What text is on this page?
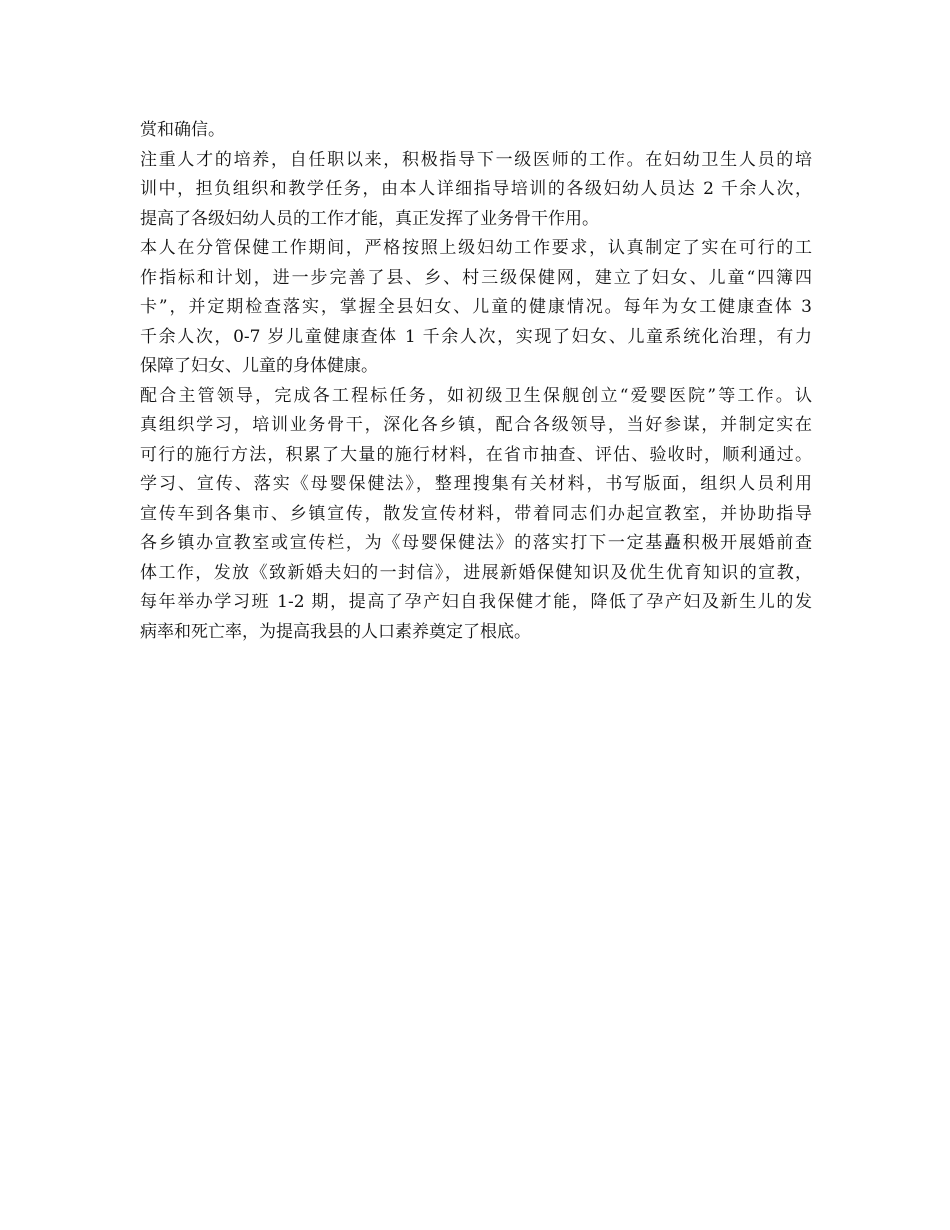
赏和确信。
注重人才的培养，自任职以来，积极指导下一级医师的工作。在妇幼卫生人员的培
训中，担负组织和教学任务，由本人详细指导培训的各级妇幼人员达 2 千余人次，
提高了各级妇幼人员的工作才能，真正发挥了业务骨干作用。
本人在分管保健工作期间，严格按照上级妇幼工作要求，认真制定了实在可行的工
作指标和计划，进一步完善了县、乡、村三级保健网，建立了妇女、儿童“四簿四
卡”，并定期检查落实，掌握全县妇女、儿童的健康情况。每年为女工健康查体 3
千余人次，0-7 岁儿童健康查体 1 千余人次，实现了妇女、儿童系统化治理，有力
保障了妇女、儿童的身体健康。
配合主管领导，完成各工程标任务，如初级卫生保舰创立“爱婴医院”等工作。认
真组织学习，培训业务骨干，深化各乡镇，配合各级领导，当好参谋，并制定实在
可行的施行方法，积累了大量的施行材料，在省市抽查、评估、验收时，顺利通过。
学习、宣传、落实《母婴保健法》，整理搜集有关材料，书写版面，组织人员利用
宣传车到各集市、乡镇宣传，散发宣传材料，带着同志们办起宣教室，并协助指导
各乡镇办宣教室或宣传栏，为《母婴保健法》的落实打下一定基矗积极开展婚前查
体工作，发放《致新婚夫妇的一封信》，进展新婚保健知识及优生优育知识的宣教，
每年举办学习班 1-2 期，提高了孕产妇自我保健才能，降低了孕产妇及新生儿的发
病率和死亡率，为提高我县的人口素养奠定了根底。
